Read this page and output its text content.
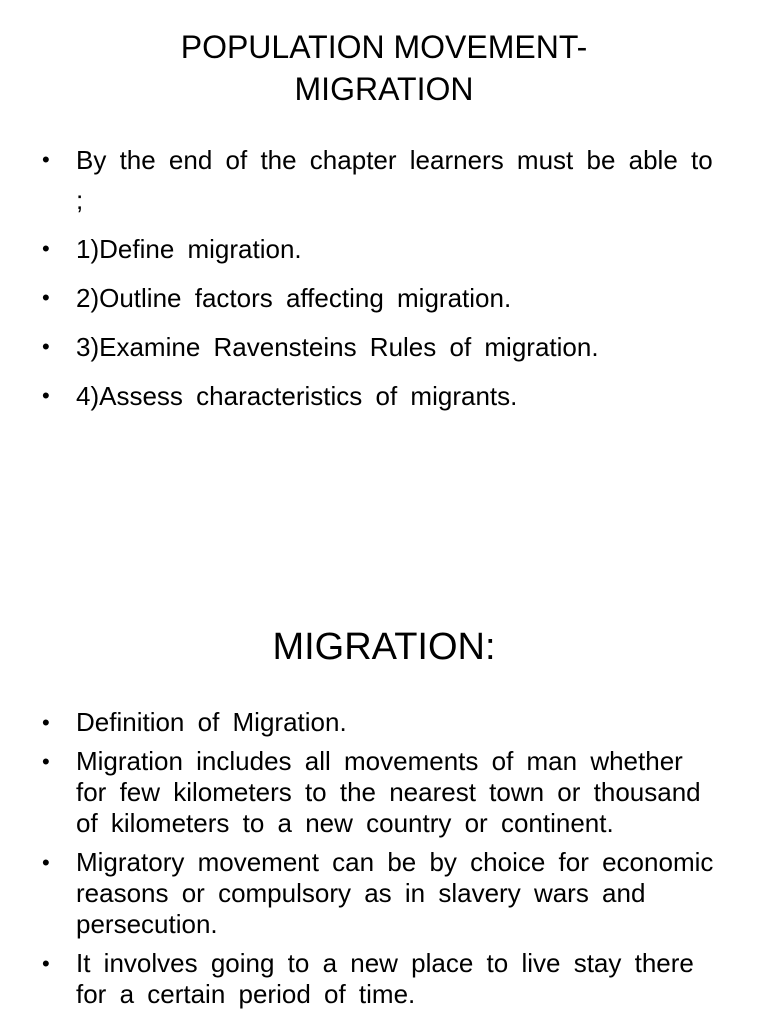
POPULATION MOVEMENT-
MIGRATION
• By the end of the chapter learners must be able to ;
• 1)Define migration.
• 2)Outline factors affecting migration.
• 3)Examine Ravensteins Rules of migration.
• 4)Assess characteristics of migrants.
MIGRATION:
• Definition of Migration.
• Migration includes all movements of man whether for few kilometers to the nearest town or thousand of kilometers to a new country or continent.
• Migratory movement can be by choice for economic reasons or compulsory as in slavery wars and persecution.
• It involves going to a new place to live stay there for a certain period of time.
